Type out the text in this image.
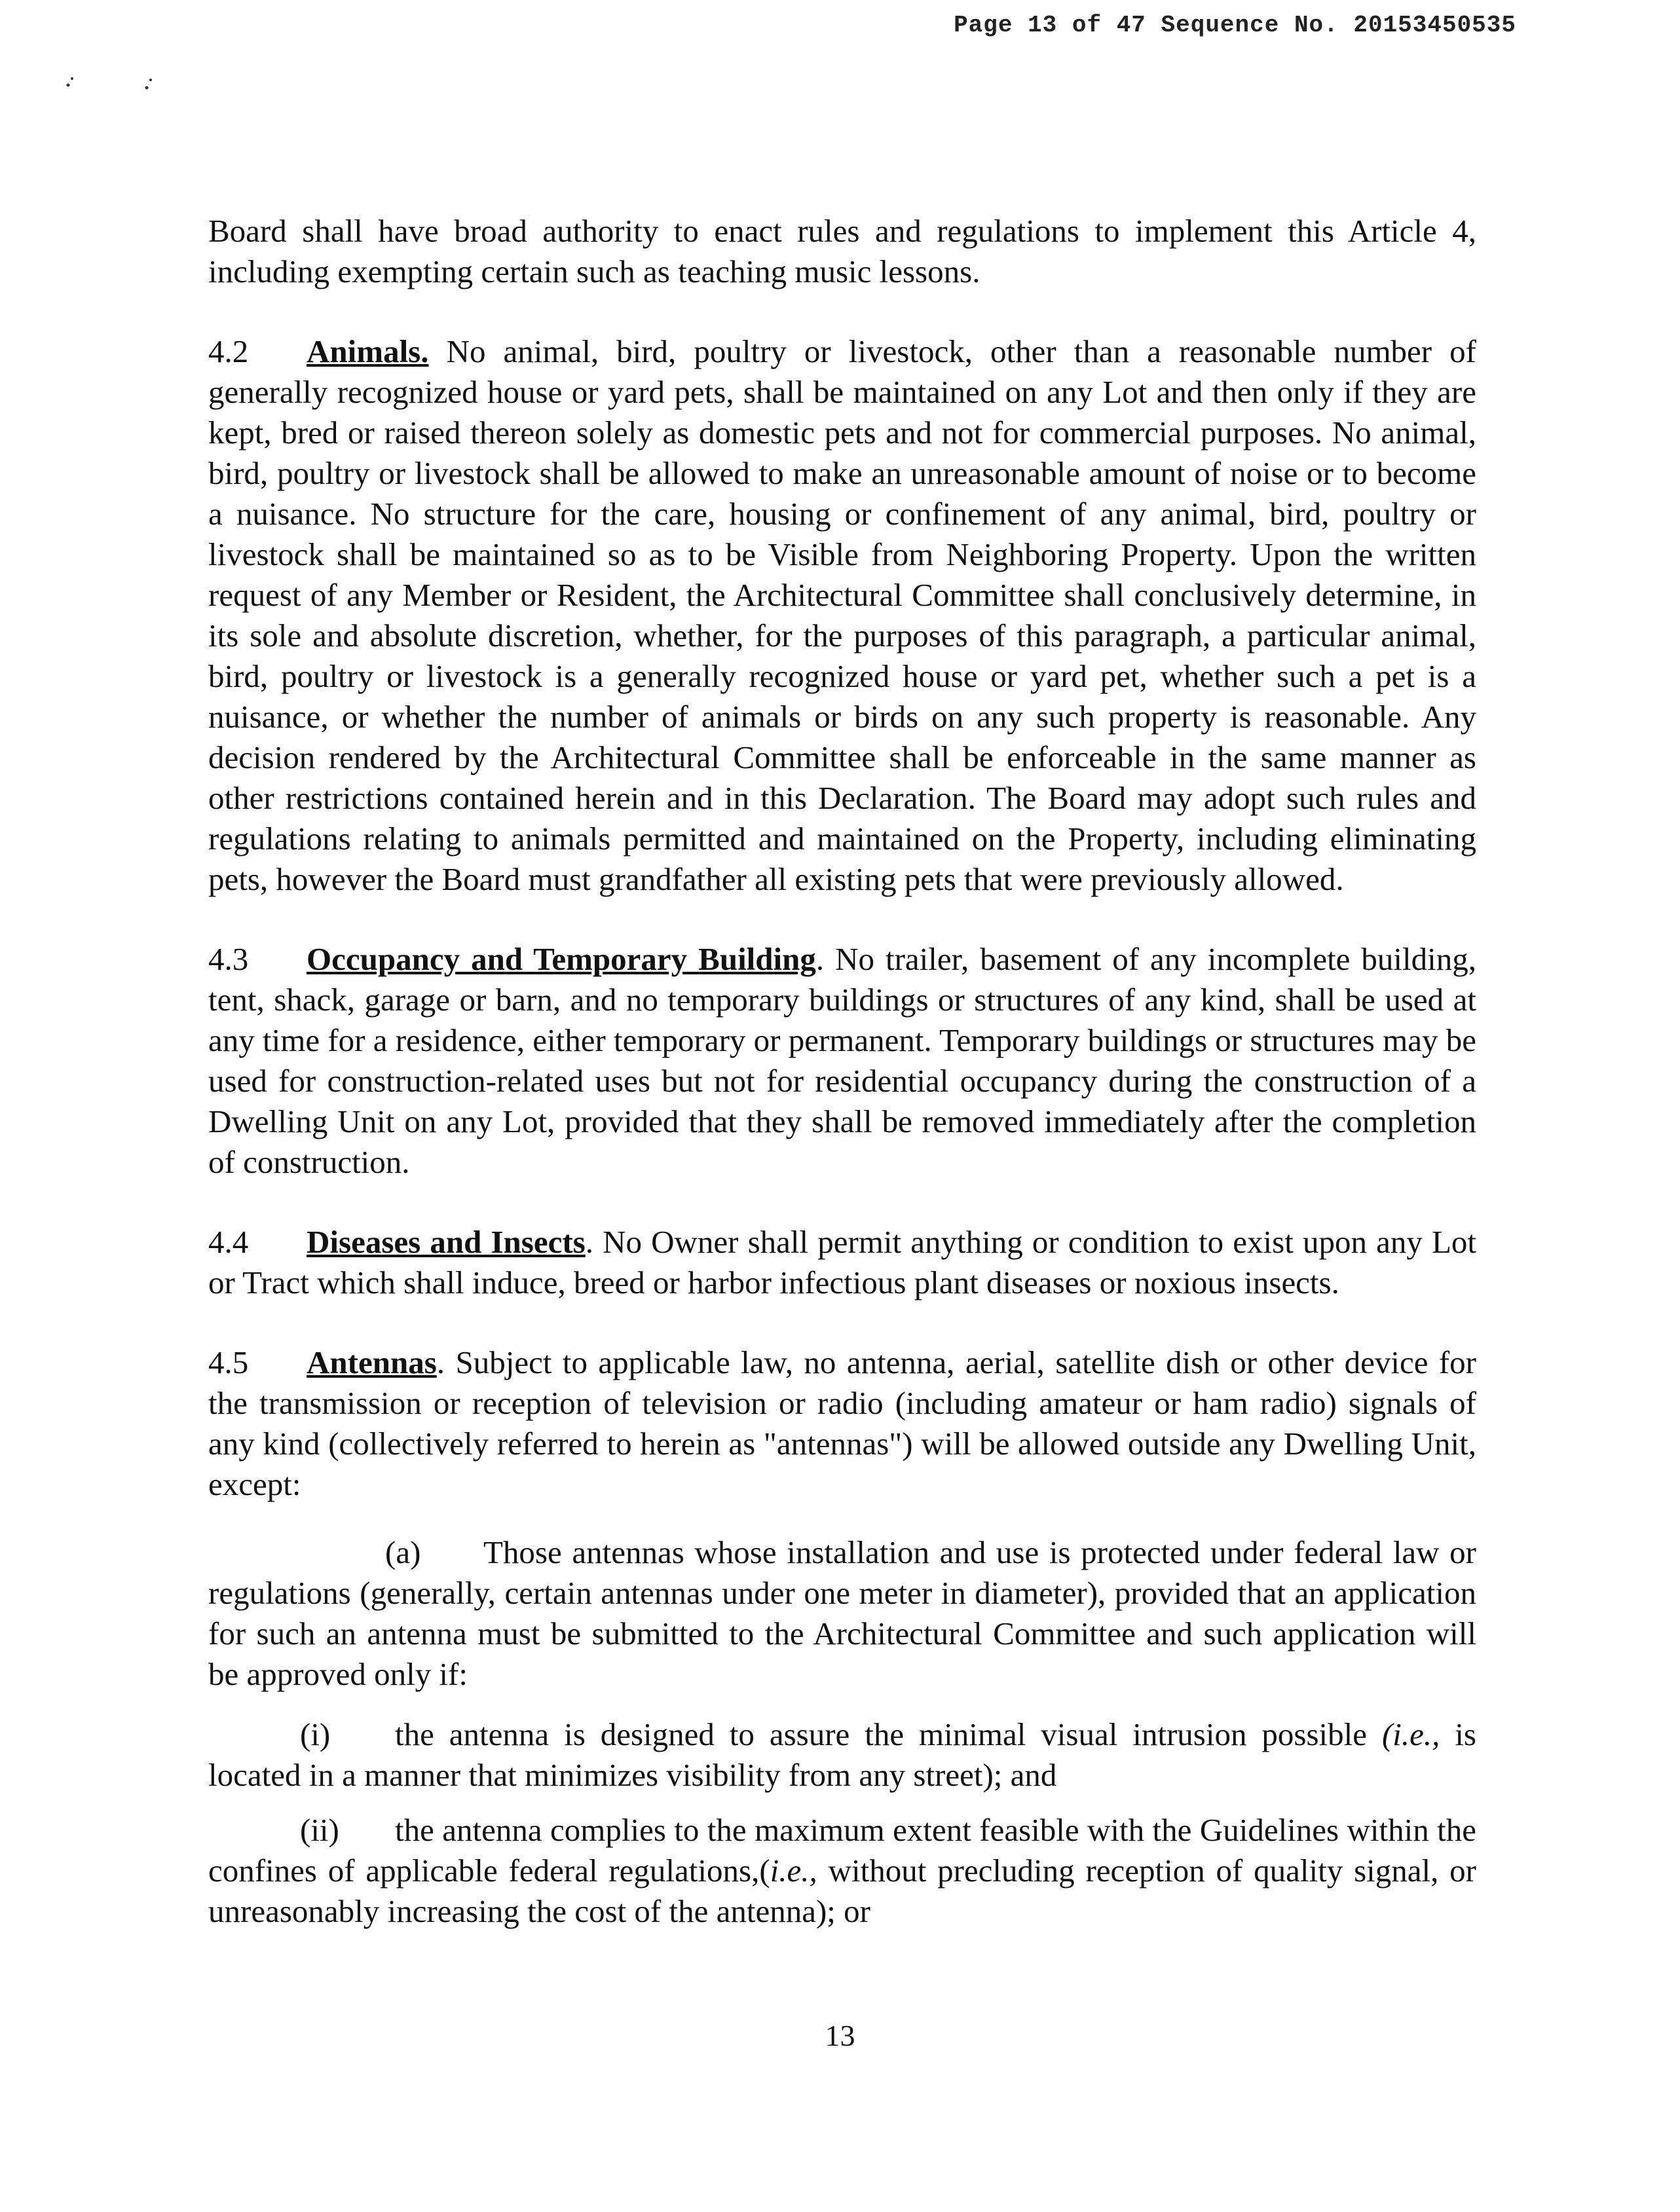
Page 13 of 47 Sequence No. 20153450535

Board shall have broad authority to enact rules and regulations to implement this Article 4, including exempting certain such as teaching music lessons.

4.2 Animals. No animal, bird, poultry or livestock, other than a reasonable number of generally recognized house or yard pets, shall be maintained on any Lot and then only if they are kept, bred or raised thereon solely as domestic pets and not for commercial purposes. No animal, bird, poultry or livestock shall be allowed to make an unreasonable amount of noise or to become a nuisance. No structure for the care, housing or confinement of any animal, bird, poultry or livestock shall be maintained so as to be Visible from Neighboring Property. Upon the written request of any Member or Resident, the Architectural Committee shall conclusively determine, in its sole and absolute discretion, whether, for the purposes of this paragraph, a particular animal, bird, poultry or livestock is a generally recognized house or yard pet, whether such a pet is a nuisance, or whether the number of animals or birds on any such property is reasonable. Any decision rendered by the Architectural Committee shall be enforceable in the same manner as other restrictions contained herein and in this Declaration. The Board may adopt such rules and regulations relating to animals permitted and maintained on the Property, including eliminating pets, however the Board must grandfather all existing pets that were previously allowed.

4.3 Occupancy and Temporary Building. No trailer, basement of any incomplete building, tent, shack, garage or barn, and no temporary buildings or structures of any kind, shall be used at any time for a residence, either temporary or permanent. Temporary buildings or structures may be used for construction-related uses but not for residential occupancy during the construction of a Dwelling Unit on any Lot, provided that they shall be removed immediately after the completion of construction.

4.4 Diseases and Insects. No Owner shall permit anything or condition to exist upon any Lot or Tract which shall induce, breed or harbor infectious plant diseases or noxious insects.

4.5 Antennas. Subject to applicable law, no antenna, aerial, satellite dish or other device for the transmission or reception of television or radio (including amateur or ham radio) signals of any kind (collectively referred to herein as "antennas") will be allowed outside any Dwelling Unit, except:

(a) Those antennas whose installation and use is protected under federal law or regulations (generally, certain antennas under one meter in diameter), provided that an application for such an antenna must be submitted to the Architectural Committee and such application will be approved only if:

(i) the antenna is designed to assure the minimal visual intrusion possible (i.e., is located in a manner that minimizes visibility from any street); and

(ii) the antenna complies to the maximum extent feasible with the Guidelines within the confines of applicable federal regulations,(i.e., without precluding reception of quality signal, or unreasonably increasing the cost of the antenna); or

13
